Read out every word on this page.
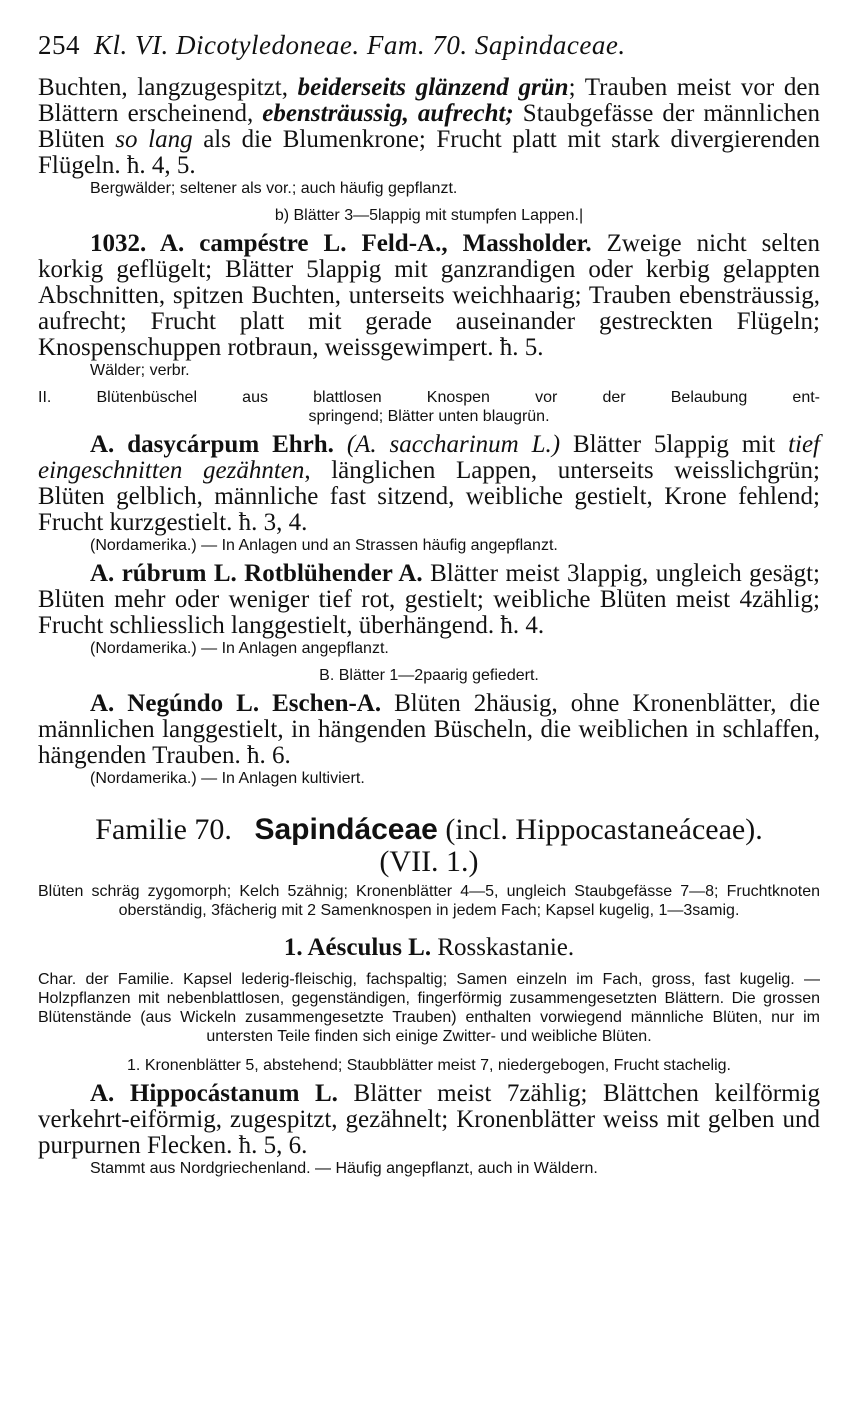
254 Kl. VI. Dicotyledoneae. Fam. 70. Sapindaceae.

Buchten, langzugespitzt, beiderseits glänzend grün; Trauben meist vor den Blättern erscheinend, ebensträussig, aufrecht; Staubgefässe der männlichen Blüten so lang als die Blumenkrone; Frucht platt mit stark divergierenden Flügeln. ħ. 4, 5.

Bergwälder; seltener als vor.; auch häufig gepflanzt.

b) Blätter 3—5lappig mit stumpfen Lappen.|

1032. A. campéstre L. Feld-A., Massholder. Zweige nicht selten korkig geflügelt; Blätter 5lappig mit ganzrandigen oder kerbig gelappten Abschnitten, spitzen Buchten, unterseits weichhaarig; Trauben ebensträussig, aufrecht; Frucht platt mit gerade auseinander gestreckten Flügeln; Knospenschuppen rotbraun, weissgewimpert. ħ. 5.

Wälder; verbr.

II. Blütenbüschel aus blattlosen Knospen vor der Belaubung ent-

springend; Blätter unten blaugrün.

A. dasycárpum Ehrh. (A. saccharinum L.) Blätter 5lappig mit tief eingeschnitten gezähnten, länglichen Lappen, unterseits weisslichgrün; Blüten gelblich, männliche fast sitzend, weibliche gestielt, Krone fehlend; Frucht kurzgestielt. ħ. 3, 4.

(Nordamerika.) — In Anlagen und an Strassen häufig angepflanzt.

A. rúbrum L. Rotblühender A. Blätter meist 3lappig, ungleich gesägt; Blüten mehr oder weniger tief rot, gestielt; weibliche Blüten meist 4zählig; Frucht schliesslich langgestielt, überhängend. ħ. 4.

(Nordamerika.) — In Anlagen angepflanzt.

B. Blätter 1—2paarig gefiedert.

A. Negúndo L. Eschen-A. Blüten 2häusig, ohne Kronenblätter, die männlichen langgestielt, in hängenden Büscheln, die weiblichen in schlaffen, hängenden Trauben. ħ. 6.

(Nordamerika.) — In Anlagen kultiviert.

Familie 70. Sapindáceae (incl. Hippocastaneáceae).
(VII. 1.)

Blüten schräg zygomorph; Kelch 5zähnig; Kronenblätter 4—5, ungleich Staubgefässe 7—8; Fruchtknoten oberständig, 3fächerig mit 2 Samenknospen in jedem Fach; Kapsel kugelig, 1—3samig.

1. Aésculus L. Rosskastanie.

Char. der Familie. Kapsel lederig-fleischig, fachspaltig; Samen einzeln im Fach, gross, fast kugelig. — Holzpflanzen mit nebenblattlosen, gegenständigen, fingerförmig zusammengesetzten Blättern. Die grossen Blütenstände (aus Wickeln zusammengesetzte Trauben) enthalten vorwiegend männliche Blüten, nur im untersten Teile finden sich einige Zwitter- und weibliche Blüten.

1. Kronenblätter 5, abstehend; Staubblätter meist 7, niedergebogen, Frucht stachelig.

A. Hippocástanum L. Blätter meist 7zählig; Blättchen keilförmig verkehrt-eiförmig, zugespitzt, gezähnelt; Kronenblätter weiss mit gelben und purpurnen Flecken. ħ. 5, 6.

Stammt aus Nordgriechenland. — Häufig angepflanzt, auch in Wäldern.
